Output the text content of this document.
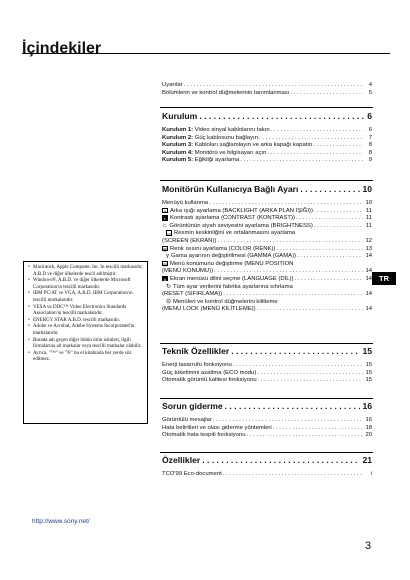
İçindekiler
Uyarılar . . .	4
Bölümlerin ve kontrol düğmelerinin tanımlanması . . .	5
Kurulum . . .	6
Kurulum 1: Video sinyal kablolarını takın . . .	6
Kurulum 2: Güç kablosunu bağlayın . . .	7
Kurulum 3: Kabloları sağlamlayın ve arka kapağı kapatın . . .	8
Kurulum 4: Monitörü ve bilgisayarı açın . . .	8
Kurulum 5: Eğikliği ayarlama . . .	9
Monitörün Kullanıcıya Bağlı Ayarı . . .	10
Menüyü kullanma . . .	10
☀ Arka ışığı ayarlama (BACKLIGHT (ARKA PLAN IŞIĞI)) . . .	11
◐ Kontrastı ayarlama (CONTRAST (KONTRAST)) . . .	11
☼ Görüntünün siyah seviyesini ayarlama (BRIGHTNESS) . . .	11
▭ Resmin keskinliğini ve ortalanmasını ayarlama
(SCREEN (EKRAN)) . . .	12
▦ Renk ısısını ayarlama (COLOR (RENK)) . . .	13
γ Gama ayarının değiştirilmesi (GAMMA (GAMA)) . . .	14
▤ Menü konumunu değiştirme (MENU POSITION
(MENÜ KONUMU)) . . .	14
A Ekran menüsü dilini seçme (LANGUAGE (DİL)) . . .	14
↻ Tüm ayar verilerini fabrika ayarlarına sıfırlama
(RESET (SIFIRLAMA)) . . .	14
⊖ Menüleri ve kontrol düğmelerini kilitleme
(MENU LOCK (MENÜ KİLİTLEME)) . . .	14
Teknik Özellikler . . .	15
Enerji tasarrufu fonksiyonu . . .	15
Güç tüketimini azaltma (ECO modu) . . .	15
Otomatik görüntü kalitesi fonksiyonu . . .	15
Sorun giderme . . .	16
Görüntülü mesajlar . . .	16
Hata belirtileri ve olası giderme yöntemleri . . .	18
Otomatik hata tespiti fonksiyonu . . .	20
Özellikler . . .	21
TCO'99 Eco-document . . .	i
TR
• Macintosh, Apple Computer, Inc.'in tescilli markasıdır, A.B.D ve diğer ülkelerde tescil edilmiştir.
• Windows®, A.B.D. ve diğer ülkelerde Microsoft Corporation'ın tescilli markasıdır.
• IBM PC/AT ve VGA, A.B.D. IBM Corporation'ın tescilli markalarıdır.
• VESA ve DDC™ Video Electronics Standards Association'ın tescilli markalarıdır.
• ENERGY STAR A.B.D. tescilli markasıdır.
• Adobe ve Acrobat, Adobe Systems Incorporated'ın markalarıdır.
• Burada adı geçen diğer bütün ürün isimleri, ilgili firmalarına ait markalar veya tescilli markalar olabilir.
• Ayrıca, "™" ve "®" bu el kitabında her yerde söz edilmez.
http://www.sony.net/
3
